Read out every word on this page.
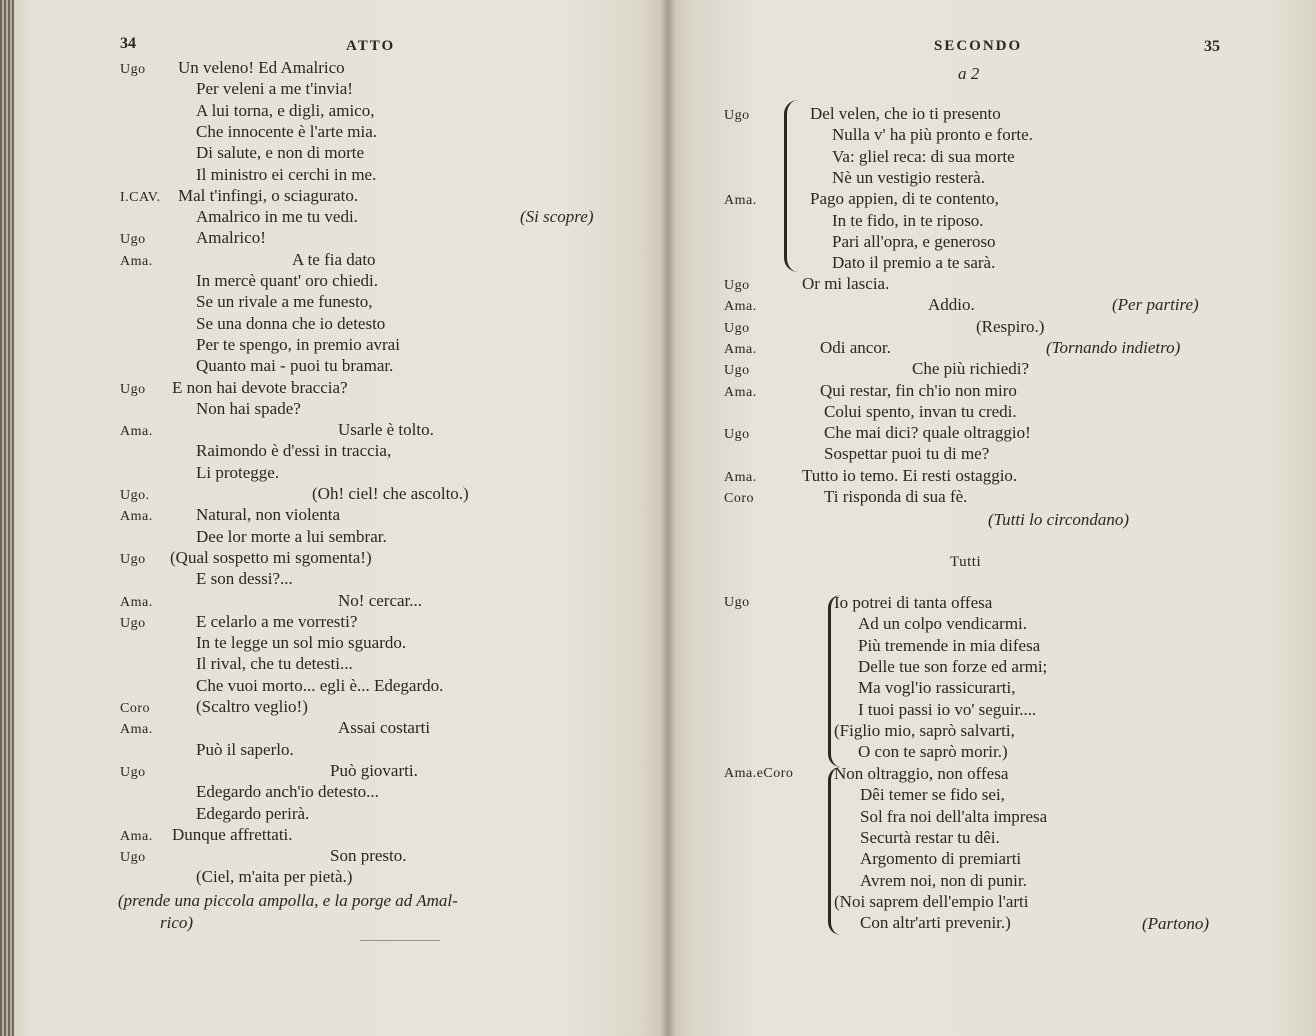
34	ATTO
Ugo Un veleno! Ed Amalrico
Per veleni a me t'invia!
A lui torna, e digli, amico,
Che innocente è l'arte mia.
Di salute, e non di morte
Il ministro ei cerchi in me.
I.CAV. Mal t'infingi, o sciagurato.
Amalrico in me tu vedi.	(Si scopre)
Ugo	Amalrico!
Ama.	A te fia dato
In mercè quant' oro chiedi.
Se un rivale a me funesto,
Se una donna che io detesto
Per te spengo, in premio avrai
Quanto mai - puoi tu bramar.
Ugo E non hai devote braccia?
Non hai spade?
Ama.	Usarle è tolto.
Raimondo è d'essi in traccia,
Li protegge.
Ugo.	(Oh! ciel! che ascolto.)
Ama.	Natural, non violenta
Dee lor morte a lui sembrar.
Ugo (Qual sospetto mi sgomenta!)
E son dessi?...
Ama.	No! cercar...
Ugo	E celarlo a me vorresti?
In te legge un sol mio sguardo.
Il rival, che tu detesti...
Che vuoi morto... egli è... Edegardo.
Coro	(Scaltro veglio!)
Ama.	Assai costarti
Può il saperlo.
Ugo	Può giovarti.
Edegardo anch'io detesto...
Edegardo perirà.
Ama. Dunque affrettati.
Ugo	Son presto.
(Ciel, m'aita per pietà.)
(prende una piccola ampolla, e la porge ad Amal-
rico)
SECONDO	35
a 2
Ugo	Del velen, che io ti presento
Nulla v' ha più pronto e forte.
Va: gliel reca: di sua morte
Nè un vestigio resterà.
Ama.	Pago appien, di te contento,
In te fido, in te riposo.
Pari all'opra, e generoso
Dato il premio a te sarà.
Ugo	Or mi lascia.
Ama.	Addio.	(Per partire)
Ugo	(Respiro.)
Ama.	Odi ancor.	(Tornando indietro)
Ugo	Che più richiedi?
Ama.	Qui restar, fin ch'io non miro
Colui spento, invan tu credi.
Ugo	Che mai dici? quale oltraggio!
Sospettar puoi tu di me?
Ama.	Tutto io temo. Ei resti ostaggio.
Coro	Ti risponda di sua fè.
(Tutti lo circondano)
Tutti
Ugo	Io potrei di tanta offesa
Ad un colpo vendicarmi.
Più tremende in mia difesa
Delle tue son forze ed armi;
Ma vogl'io rassicurarti,
I tuoi passi io vo' seguir....
(Figlio mio, saprò salvarti,
O con te saprò morir.)
Ama.eCoro Non oltraggio, non offesa
Dêi temer se fido sei,
Sol fra noi dell'alta impresa
Securtà restar tu dêi.
Argomento di premiarti
Avrem noi, non di punir.
(Noi saprem dell'empio l'arti
Con altr'arti prevenir.)	(Partono)
